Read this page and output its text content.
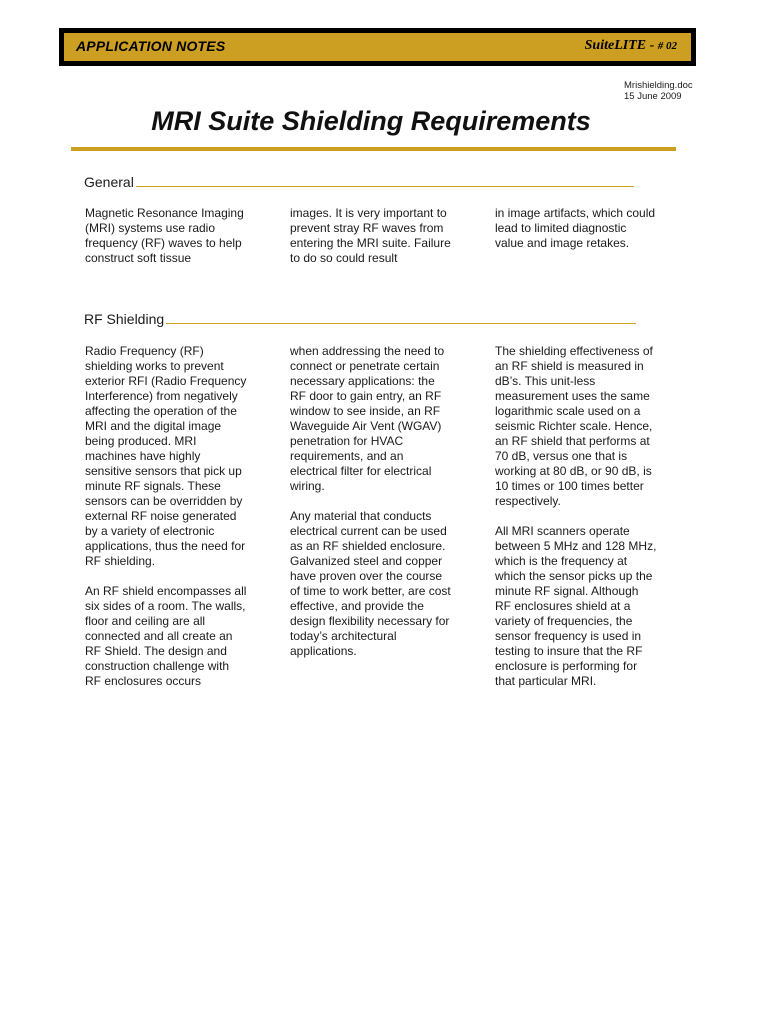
APPLICATION NOTES	SuiteLITE - # 02
Mrishielding.doc
15 June 2009
MRI Suite Shielding Requirements
General

Magnetic Resonance Imaging (MRI) systems use radio frequency (RF) waves to help construct soft tissue

images. It is very important to prevent stray RF waves from entering the MRI suite. Failure to do so could result

in image artifacts, which could lead to limited diagnostic value and image retakes.

RF Shielding

Radio Frequency (RF) shielding works to prevent exterior RFI (Radio Frequency Interference) from negatively affecting the operation of the MRI and the digital image being produced. MRI machines have highly sensitive sensors that pick up minute RF signals. These sensors can be overridden by external RF noise generated by a variety of electronic applications, thus the need for RF shielding.

An RF shield encompasses all six sides of a room. The walls, floor and ceiling are all connected and all create an RF Shield. The design and construction challenge with RF enclosures occurs

when addressing the need to connect or penetrate certain necessary applications: the RF door to gain entry, an RF window to see inside, an RF Waveguide Air Vent (WGAV) penetration for HVAC requirements, and an electrical filter for electrical wiring.

Any material that conducts electrical current can be used as an RF shielded enclosure. Galvanized steel and copper have proven over the course of time to work better, are cost effective, and provide the design flexibility necessary for today’s architectural applications.

The shielding effectiveness of an RF shield is measured in dB’s. This unit-less measurement uses the same logarithmic scale used on a seismic Richter scale. Hence, an RF shield that performs at 70 dB, versus one that is working at 80 dB, or 90 dB, is 10 times or 100 times better respectively.

All MRI scanners operate between 5 MHz and 128 MHz, which is the frequency at which the sensor picks up the minute RF signal. Although RF enclosures shield at a variety of frequencies, the sensor frequency is used in testing to insure that the RF enclosure is performing for that particular MRI.
